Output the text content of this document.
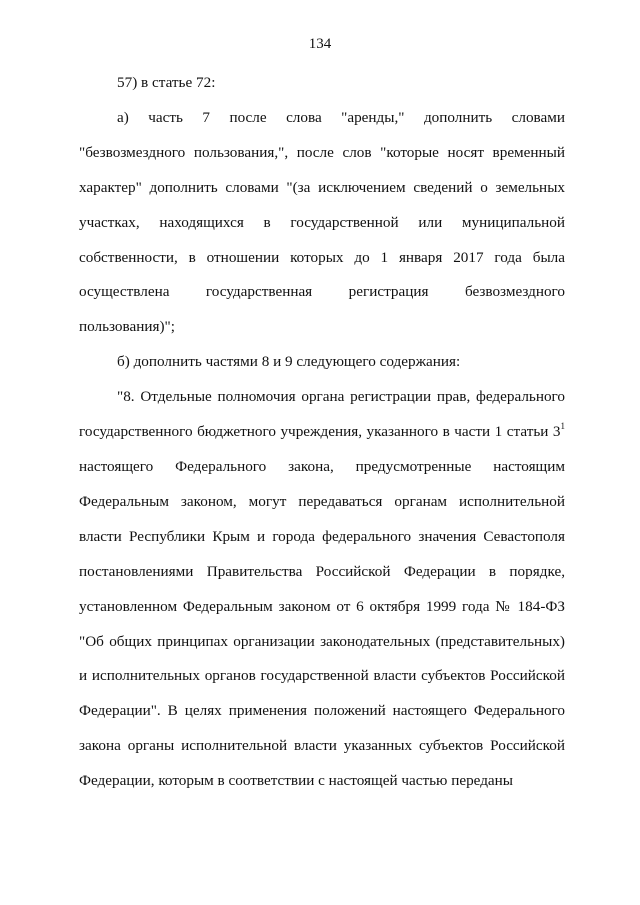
134

57) в статье 72:

а) часть 7 после слова "аренды," дополнить словами "безвозмездного пользования,", после слов "которые носят временный характер" дополнить словами "(за исключением сведений о земельных участках, находящихся в государственной или муниципальной собственности, в отношении которых до 1 января 2017 года была осуществлена государственная регистрация безвозмездного пользования)";

б) дополнить частями 8 и 9 следующего содержания:

"8. Отдельные полномочия органа регистрации прав, федерального государственного бюджетного учреждения, указанного в части 1 статьи $3^1$ настоящего Федерального закона, предусмотренные настоящим Федеральным законом, могут передаваться органам исполнительной власти Республики Крым и города федерального значения Севастополя постановлениями Правительства Российской Федерации в порядке, установленном Федеральным законом от 6 октября 1999 года № 184-ФЗ "Об общих принципах организации законодательных (представительных) и исполнительных органов государственной власти субъектов Российской Федерации". В целях применения положений настоящего Федерального закона органы исполнительной власти указанных субъектов Российской Федерации, которым в соответствии с настоящей частью переданы
